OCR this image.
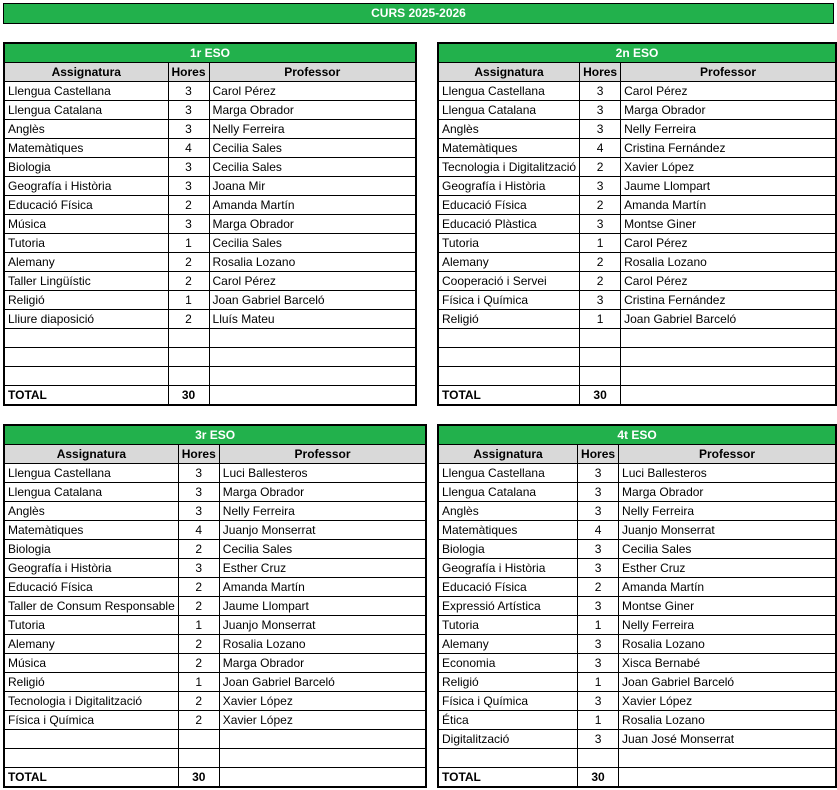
CURS 2025-2026
1r ESO		
Assignatura	Hores	Professor
Llengua Castellana	3	Carol Pérez
Llengua Catalana	3	Marga Obrador
Anglès	3	Nelly Ferreira
Matemàtiques	4	Cecilia Sales
Biologia	3	Cecilia Sales
Geografía i Història	3	Joana Mir
Educació Física	2	Amanda Martín
Música	3	Marga Obrador
Tutoria	1	Cecilia Sales
Alemany	2	Rosalia Lozano
Taller Lingüístic	2	Carol Pérez
Religió	1	Joan Gabriel Barceló
Lliure diaposició	2	Lluís Mateu

TOTAL	30	
2n ESO		
Assignatura	Hores	Professor
Llengua Castellana	3	Carol Pérez
Llengua Catalana	3	Marga Obrador
Anglès	3	Nelly Ferreira
Matemàtiques	4	Cristina Fernández
Tecnologia i Digitalització	2	Xavier López
Geografía i Història	3	Jaume Llompart
Educació Física	2	Amanda Martín
Educació Plàstica	3	Montse Giner
Tutoria	1	Carol Pérez
Alemany	2	Rosalia Lozano
Cooperació i Servei	2	Carol Pérez
Física i Química	3	Cristina Fernández
Religió	1	Joan Gabriel Barceló

TOTAL	30	
3r ESO		
Assignatura	Hores	Professor
Llengua Castellana	3	Luci Ballesteros
Llengua Catalana	3	Marga Obrador
Anglès	3	Nelly Ferreira
Matemàtiques	4	Juanjo Monserrat
Biologia	2	Cecilia Sales
Geografía i Història	3	Esther Cruz
Educació Física	2	Amanda Martín
Taller de Consum Responsable	2	Jaume Llompart
Tutoria	1	Juanjo Monserrat
Alemany	2	Rosalia Lozano
Música	2	Marga Obrador
Religió	1	Joan Gabriel Barceló
Tecnologia i Digitalització	2	Xavier López
Física i Química	2	Xavier López

TOTAL	30	
4t ESO		
Assignatura	Hores	Professor
Llengua Castellana	3	Luci Ballesteros
Llengua Catalana	3	Marga Obrador
Anglès	3	Nelly Ferreira
Matemàtiques	4	Juanjo Monserrat
Biologia	3	Cecilia Sales
Geografía i Història	3	Esther Cruz
Educació Física	2	Amanda Martín
Expressió Artística	3	Montse Giner
Tutoria	1	Nelly Ferreira
Alemany	3	Rosalia Lozano
Economia	3	Xisca Bernabé
Religió	1	Joan Gabriel Barceló
Física i Química	3	Xavier López
Ética	1	Rosalia Lozano
Digitalització	3	Juan José Monserrat

TOTAL	30	
